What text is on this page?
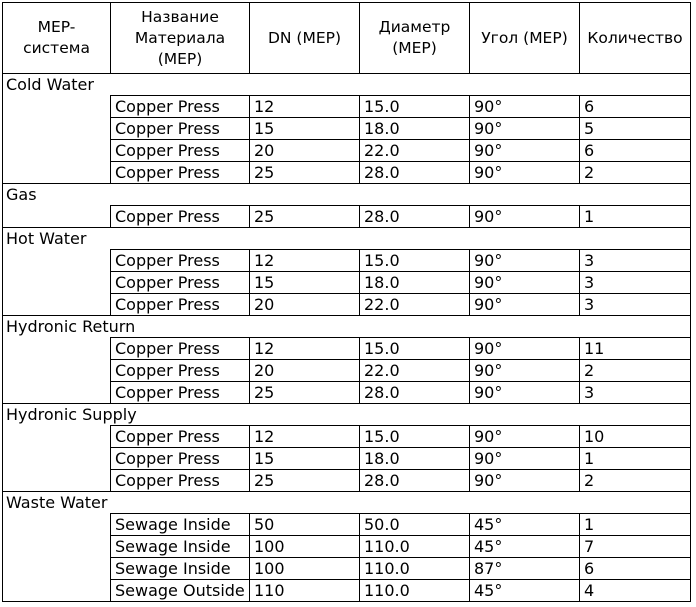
MEP-система	Название Материала (MEP)	DN (MEP)	Диаметр (MEP)	Угол (MEP)	Количество
Cold Water					
	Copper Press	12	15.0	90°	6
	Copper Press	15	18.0	90°	5
	Copper Press	20	22.0	90°	6
	Copper Press	25	28.0	90°	2
Gas					
	Copper Press	25	28.0	90°	1
Hot Water					
	Copper Press	12	15.0	90°	3
	Copper Press	15	18.0	90°	3
	Copper Press	20	22.0	90°	3
Hydronic Return					
	Copper Press	12	15.0	90°	11
	Copper Press	20	22.0	90°	2
	Copper Press	25	28.0	90°	3
Hydronic Supply					
	Copper Press	12	15.0	90°	10
	Copper Press	15	18.0	90°	1
	Copper Press	25	28.0	90°	2
Waste Water					
	Sewage Inside	50	50.0	45°	1
	Sewage Inside	100	110.0	45°	7
	Sewage Inside	100	110.0	87°	6
	Sewage Outside	110	110.0	45°	4
